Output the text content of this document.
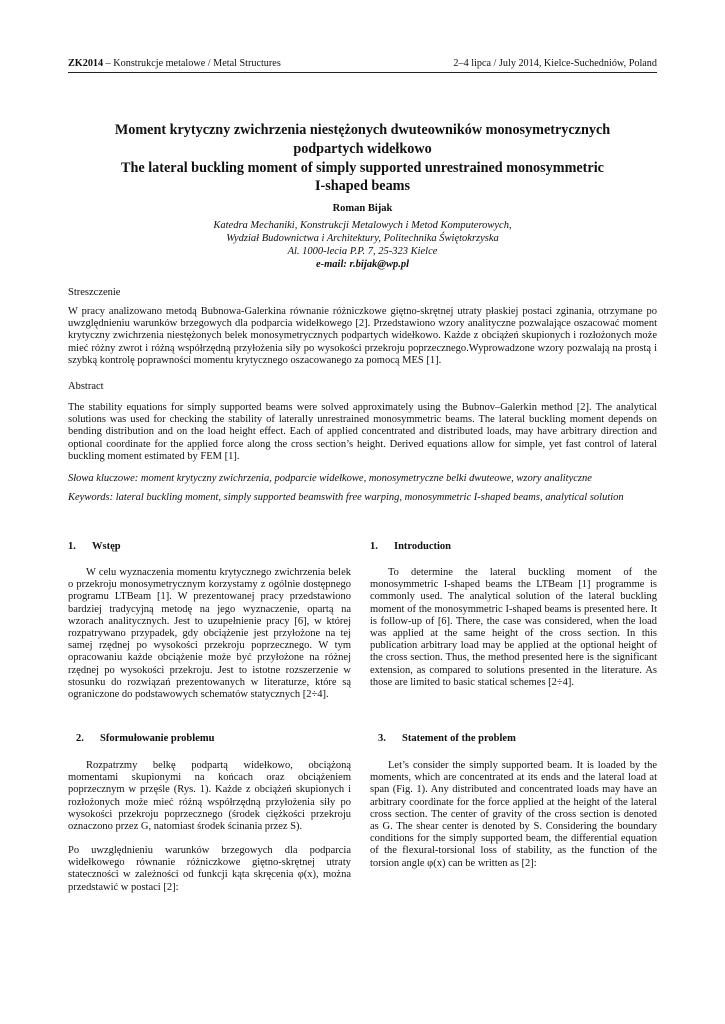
ZK2014 – Konstrukcje metalowe / Metal Structures	2–4 lipca / July 2014, Kielce-Suchedniów, Poland

Moment krytyczny zwichrzenia niestężonych dwuteowników monosymetrycznych

podpartych widełkowo

The lateral buckling moment of simply supported unrestrained monosymmetric

I-shaped beams

Roman Bijak
Katedra Mechaniki, Konstrukcji Metalowych i Metod Komputerowych,
Wydział Budownictwa i Architektury, Politechnika Świętokrzyska
Al. 1000-lecia P.P. 7, 25-323 Kielce
e-mail: r.bijak@wp.pl
Streszczenie

W pracy analizowano metodą Bubnowa-Galerkina równanie różniczkowe giętno-skrętnej utraty płaskiej postaci zginania, otrzymane po uwzględnieniu warunków brzegowych dla podparcia widełkowego [2]. Przedstawiono wzory analityczne pozwalające oszacować moment krytyczny zwichrzenia niestężonych belek monosymetrycznych podpartych widełkowo. Każde z obciążeń skupionych i rozłożonych może mieć różny zwrot i różną współrzędną przyłożenia siły po wysokości przekroju poprzecznego.Wyprowadzone wzory pozwalają na prostą i szybką kontrolę poprawności momentu krytycznego oszacowanego za pomocą MES [1].

Abstract

The stability equations for simply supported beams were solved approximately using the Bubnov–Galerkin method [2]. The analytical solutions was used for checking the stability of laterally unrestrained monosymmetric beams. The lateral buckling moment depends on bending distribution and on the load height effect. Each of applied concentrated and distributed loads, may have arbitrary direction and optional coordinate for the applied force along the cross section’s height. Derived equations allow for simple, yet fast control of lateral buckling moment estimated by FEM [1].

Słowa kluczowe: moment krytyczny zwichrzenia, podparcie widełkowe, monosymetryczne belki dwuteowe, wzory analityczne

Keywords: lateral buckling moment, simply supported beamswith free warping, monosymmetric I-shaped beams, analytical solution

1. Wstęp

W celu wyznaczenia momentu krytycznego zwichrzenia belek o przekroju monosymetrycznym korzystamy z ogólnie dostępnego programu LTBeam [1]. W prezentowanej pracy przedstawiono bardziej tradycyjną metodę na jego wyznaczenie, opartą na wzorach analitycznych. Jest to uzupełnienie pracy [6], w której rozpatrywano przypadek, gdy obciążenie jest przyłożone na tej samej rzędnej po wysokości przekroju poprzecznego. W tym opracowaniu każde obciążenie może być przyłożone na różnej rzędnej po wysokości przekroju. Jest to istotne rozszerzenie w stosunku do rozwiązań prezentowanych w literaturze, które są ograniczone do podstawowych schematów statycznych [2÷4].

2. Sformułowanie problemu

Rozpatrzmy belkę podpartą widełkowo, obciążoną momentami skupionymi na końcach oraz obciążeniem poprzecznym w przęśle (Rys. 1). Każde z obciążeń skupionych i rozłożonych może mieć różną współrzędną przyłożenia siły po wysokości przekroju poprzecznego (środek ciężkości przekroju oznaczono przez G, natomiast środek ścinania przez S).

Po uwzględnieniu warunków brzegowych dla podparcia widełkowego równanie różniczkowe giętno-skrętnej utraty stateczności w zależności od funkcji kąta skręcenia φ(x), można przedstawić w postaci [2]:

1. Introduction

To determine the lateral buckling moment of the monosymmetric I-shaped beams the LTBeam [1] programme is commonly used. The analytical solution of the lateral buckling moment of the monosymmetric I-shaped beams is presented here. It is follow-up of [6]. There, the case was considered, when the load was applied at the same height of the cross section. In this publication arbitrary load may be applied at the optional height of the cross section. Thus, the method presented here is the significant extension, as compared to solutions presented in the literature. As those are limited to basic statical schemes [2÷4].

3. Statement of the problem

Let’s consider the simply supported beam. It is loaded by the moments, which are concentrated at its ends and the lateral load at span (Fig. 1). Any distributed and concentrated loads may have an arbitrary coordinate for the force applied at the height of the lateral cross section. The center of gravity of the cross section is denoted as G. The shear center is denoted by S. Considering the boundary conditions for the simply supported beam, the differential equation of the flexural-torsional loss of stability, as the function of the torsion angle φ(x) can be written as [2]:
